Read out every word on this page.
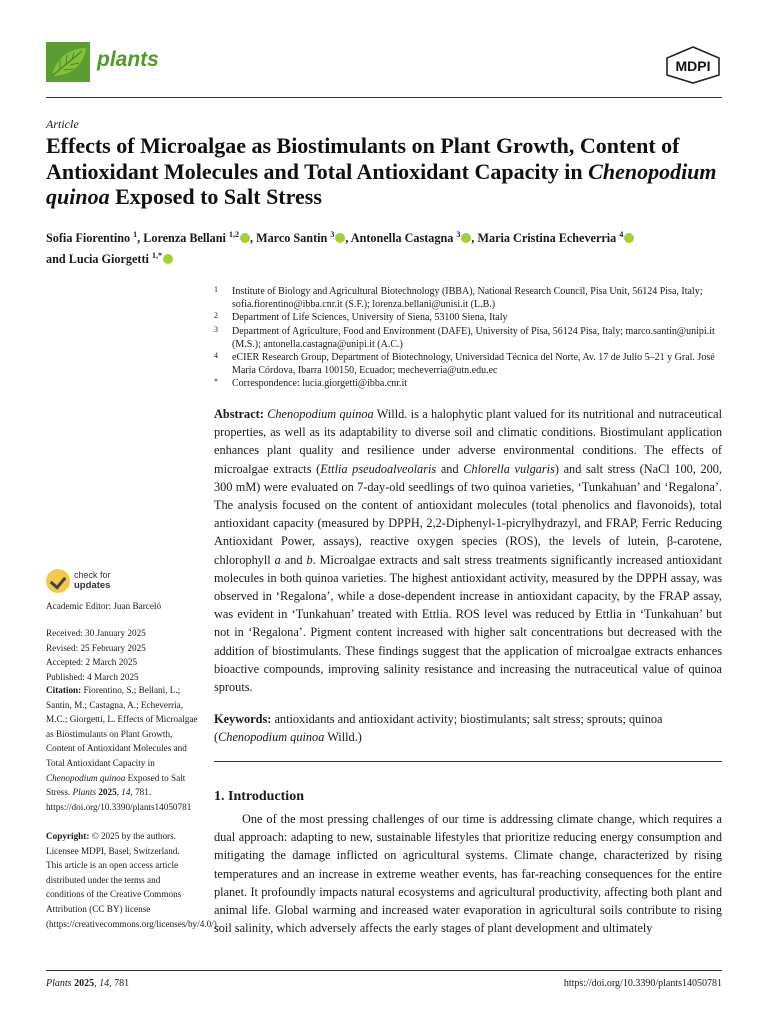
plants	MDPI
Article
Effects of Microalgae as Biostimulants on Plant Growth, Content of Antioxidant Molecules and Total Antioxidant Capacity in Chenopodium quinoa Exposed to Salt Stress
Sofia Fiorentino $^1$, Lorenza Bellani $^{1,2}$ , Marco Santin $^3$ , Antonella Castagna $^3$ , Maria Cristina Echeverria $^4$
and Lucia Giorgetti $^{1,*}$
1 Institute of Biology and Agricultural Biotechnology (IBBA), National Research Council, Pisa Unit, 56124 Pisa, Italy; sofia.fiorentino@ibba.cnr.it (S.F.); lorenza.bellani@unisi.it (L.B.)
2 Department of Life Sciences, University of Siena, 53100 Siena, Italy
3 Department of Agriculture, Food and Environment (DAFE), University of Pisa, 56124 Pisa, Italy; marco.santin@unipi.it (M.S.); antonella.castagna@unipi.it (A.C.)
4 eCIER Research Group, Department of Biotechnology, Universidad Técnica del Norte, Av. 17 de Julio 5–21 y Gral. José María Córdova, Ibarra 100150, Ecuador; mecheverria@utn.edu.ec
* Correspondence: lucia.giorgetti@ibba.cnr.it

Abstract: Chenopodium quinoa Willd. is a halophytic plant valued for its nutritional and nutraceutical properties, as well as its adaptability to diverse soil and climatic conditions. Biostimulant application enhances plant quality and resilience under adverse environmental conditions. The effects of microalgae extracts (Ettlia pseudoalveolaris and Chlorella vulgaris) and salt stress (NaCl 100, 200, 300 mM) were evaluated on 7-day-old seedlings of two quinoa varieties, ‘Tunkahuan’ and ‘Regalona’. The analysis focused on the content of antioxidant molecules (total phenolics and flavonoids), total antioxidant capacity (measured by DPPH, 2,2-Diphenyl-1-picrylhydrazyl, and FRAP, Ferric Reducing Antioxidant Power, assays), reactive oxygen species (ROS), the levels of lutein, β-carotene, chlorophyll a and b. Microalgae extracts and salt stress treatments significantly increased antioxidant molecules in both quinoa varieties. The highest antioxidant activity, measured by the DPPH assay, was observed in ‘Regalona’, while a dose-dependent increase in antioxidant capacity, by the FRAP assay, was evident in ‘Tunkahuan’ treated with Ettlia. ROS level was reduced by Ettlia in ‘Tunkahuan’ but not in ‘Regalona’. Pigment content increased with higher salt concentrations but decreased with the addition of biostimulants. These findings suggest that the application of microalgae extracts enhances bioactive compounds, improving salinity resistance and increasing the nutraceutical value of quinoa sprouts.

Keywords: antioxidants and antioxidant activity; biostimulants; salt stress; sprouts; quinoa (Chenopodium quinoa Willd.)

1. Introduction

One of the most pressing challenges of our time is addressing climate change, which requires a dual approach: adapting to new, sustainable lifestyles that prioritize reducing energy consumption and mitigating the damage inflicted on agricultural systems. Climate change, characterized by rising temperatures and an increase in extreme weather events, has far-reaching consequences for the entire planet. It profoundly impacts natural ecosystems and agricultural productivity, affecting both plant and animal life. Global warming and increased water evaporation in agricultural soils contribute to rising soil salinity, which adversely affects the early stages of plant development and ultimately

check for
updates
Academic Editor: Juan Barceló
Received: 30 January 2025
Revised: 25 February 2025
Accepted: 2 March 2025
Published: 4 March 2025
Citation: Fiorentino, S.; Bellani, L.; Santin, M.; Castagna, A.; Echeverria, M.C.; Giorgetti, L. Effects of Microalgae as Biostimulants on Plant Growth, Content of Antioxidant Molecules and Total Antioxidant Capacity in Chenopodium quinoa Exposed to Salt Stress. Plants 2025, 14, 781. https://doi.org/10.3390/plants14050781
Copyright: © 2025 by the authors. Licensee MDPI, Basel, Switzerland. This article is an open access article distributed under the terms and conditions of the Creative Commons Attribution (CC BY) license (https://creativecommons.org/licenses/by/4.0/).
Plants 2025, 14, 781	https://doi.org/10.3390/plants14050781
